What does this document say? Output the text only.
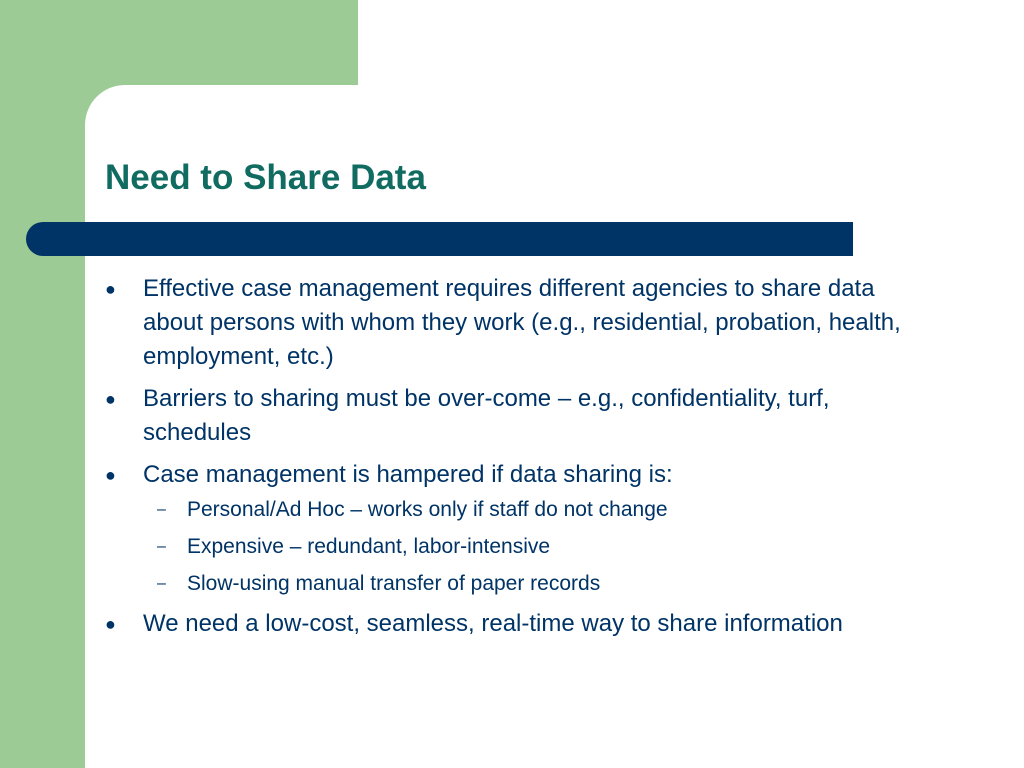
Need to Share Data
● Effective case management requires different agencies to share data about persons with whom they work (e.g., residential, probation, health, employment, etc.)
● Barriers to sharing must be over-come – e.g., confidentiality, turf, schedules
● Case management is hampered if data sharing is:
– Personal/Ad Hoc – works only if staff do not change
– Expensive – redundant, labor-intensive
– Slow-using manual transfer of paper records
● We need a low-cost, seamless, real-time way to share information
